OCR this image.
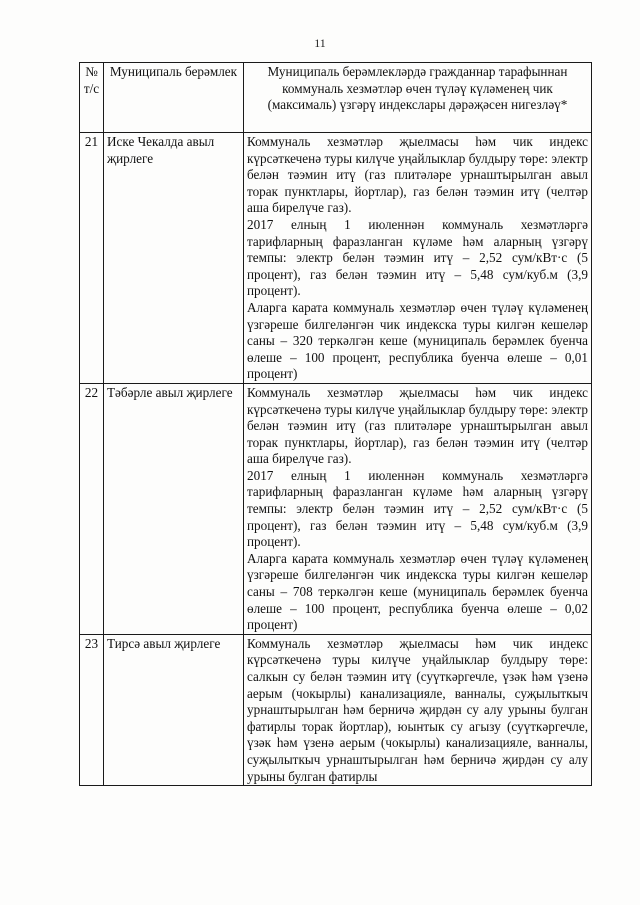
11
№ т/с	Муниципаль берәмлек	Муниципаль берәмлекләрдә гражданнар тарафыннан коммуналь хезмәтләр өчен түләү күләменең чик (максималь) үзгәрү индекслары дәрәҗәсен нигезләү*
21	Иске Чекалда авыл җирлеге	Коммуналь хезмәтләр җыелмасы һәм чик индекс күрсәткеченә туры килүче уңайлыклар булдыру төре: электр белән тәэмин итү (газ плитәләре урнаштырылган авыл торак пунктлары, йортлар), газ белән тәэмин итү (челтәр аша бирелүче газ).
2017 елның 1 июленнән коммуналь хезмәтләргә тарифларның фаразланган күләме һәм аларның үзгәрү темпы: электр белән тәэмин итү – 2,52 сум/кВт·с (5 процент), газ белән тәэмин итү – 5,48 сум/куб.м (3,9 процент).
Аларга карата коммуналь хезмәтләр өчен түләү күләменең үзгәреше билгеләнгән чик индекска туры килгән кешеләр саны – 320 теркәлгән кеше (муниципаль берәмлек буенча өлеше – 100 процент, республика буенча өлеше – 0,01 процент)

22	Тәбәрле авыл җирлеге	Коммуналь хезмәтләр җыелмасы һәм чик индекс күрсәткеченә туры килүче уңайлыклар булдыру төре: электр белән тәэмин итү (газ плитәләре урнаштырылган авыл торак пунктлары, йортлар), газ белән тәэмин итү (челтәр аша бирелүче газ).
2017 елның 1 июленнән коммуналь хезмәтләргә тарифларның фаразланган күләме һәм аларның үзгәрү темпы: электр белән тәэмин итү – 2,52 сум/кВт·с (5 процент), газ белән тәэмин итү – 5,48 сум/куб.м (3,9 процент).
Аларга карата коммуналь хезмәтләр өчен түләү күләменең үзгәреше билгеләнгән чик индекска туры килгән кешеләр саны – 708 теркәлгән кеше (муниципаль берәмлек буенча өлеше – 100 процент, республика буенча өлеше – 0,02 процент)

23	Тирсә авыл җирлеге	Коммуналь хезмәтләр җыелмасы һәм чик индекс күрсәткеченә туры килүче уңайлыклар булдыру төре: салкын су белән тәэмин итү (суүткәргечле, үзәк һәм үзенә аерым (чокырлы) канализацияле, ванналы, суҗылыткыч урнаштырылган һәм берничә җирдән су алу урыны булган фатирлы торак йортлар), юынтык су агызу (суүткәргечле, үзәк һәм үзенә аерым (чокырлы) канализацияле, ванналы, суҗылыткыч урнаштырылган һәм берничә җирдән су алу урыны булган фатирлы
